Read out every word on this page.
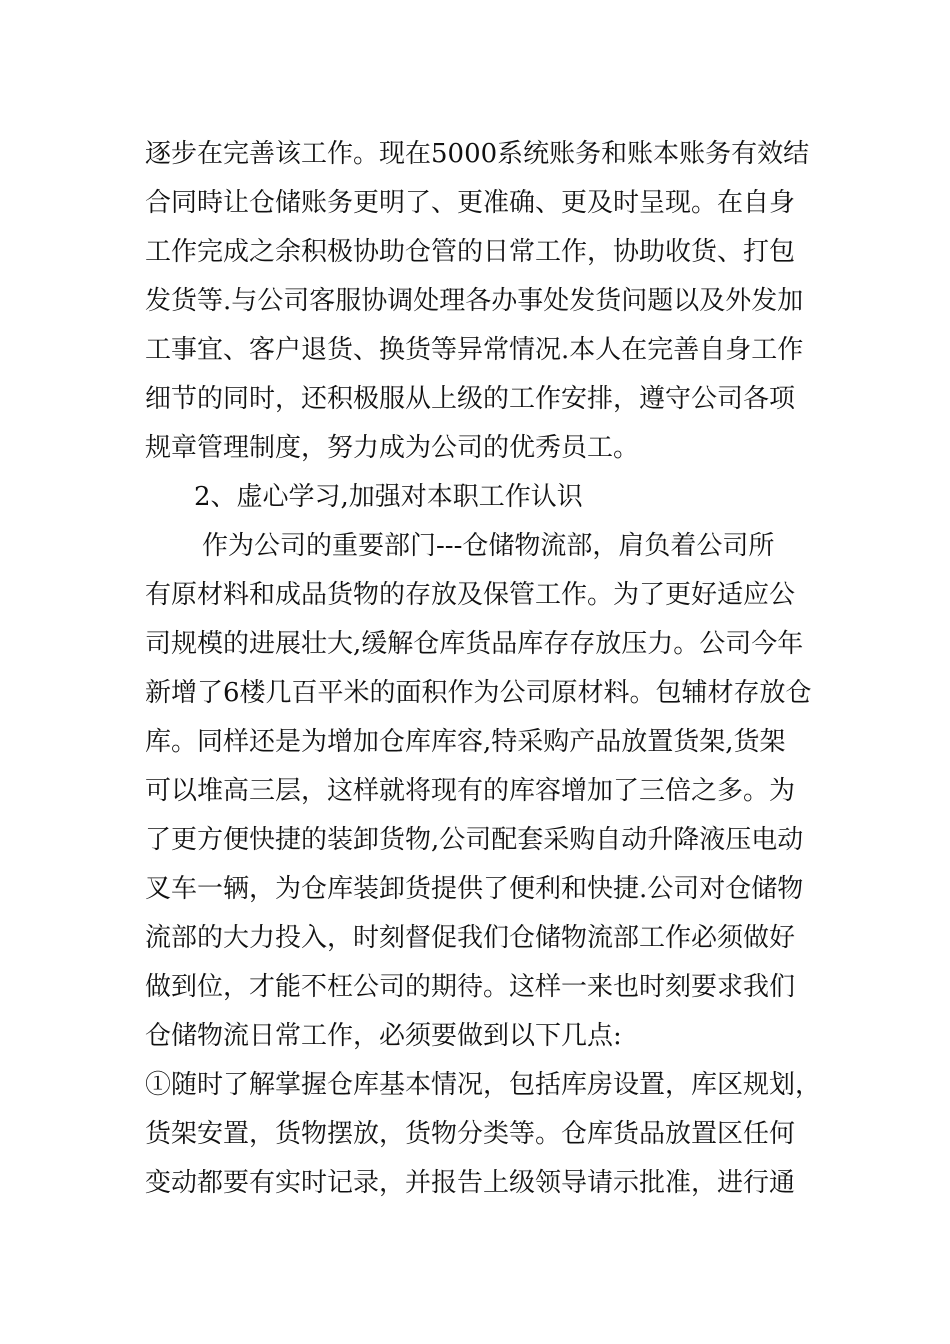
逐步在完善该工作。现在5000系统账务和账本账务有效结
合同時让仓储账务更明了、更准确、更及时呈现。在自身
工作完成之余积极协助仓管的日常工作，协助收货、打包
发货等.与公司客服协调处理各办事处发货问题以及外发加
工事宜、客户退货、换货等异常情况.本人在完善自身工作
细节的同时，还积极服从上级的工作安排，遵守公司各项
规章管理制度，努力成为公司的优秀员工。
2、虚心学习,加强对本职工作认识
作为公司的重要部门---仓储物流部，肩负着公司所
有原材料和成品货物的存放及保管工作。为了更好适应公
司规模的进展壮大,缓解仓库货品库存存放压力。公司今年
新增了6楼几百平米的面积作为公司原材料。包辅材存放仓
库。同样还是为增加仓库库容,特采购产品放置货架,货架
可以堆高三层，这样就将现有的库容增加了三倍之多。为
了更方便快捷的装卸货物,公司配套采购自动升降液压电动
叉车一辆，为仓库装卸货提供了便利和快捷.公司对仓储物
流部的大力投入，时刻督促我们仓储物流部工作必须做好
做到位，才能不枉公司的期待。这样一来也时刻要求我们
仓储物流日常工作，必须要做到以下几点:
①随时了解掌握仓库基本情况，包括库房设置，库区规划，
货架安置，货物摆放，货物分类等。仓库货品放置区任何
变动都要有实时记录，并报告上级领导请示批准，进行通
